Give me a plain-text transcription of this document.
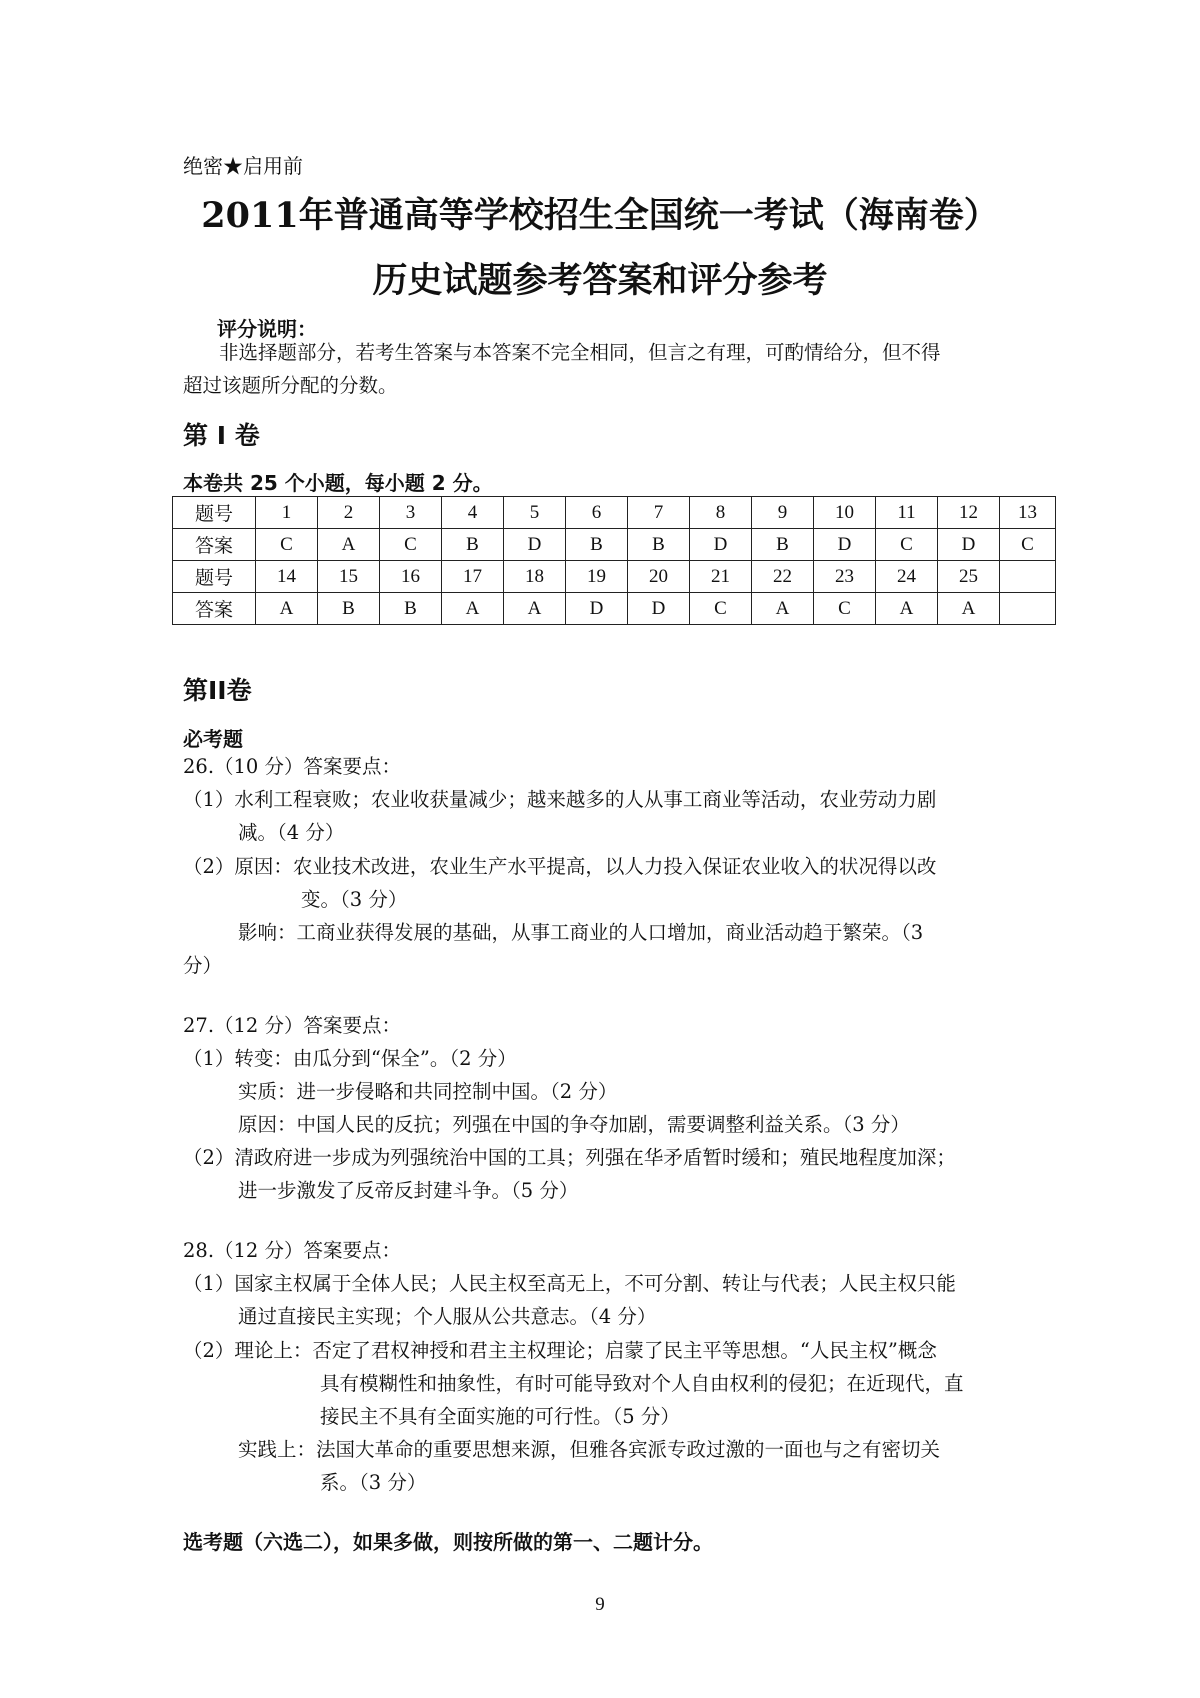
绝密★启用前
2011年普通高等学校招生全国统一考试（海南卷）
历史试题参考答案和评分参考
评分说明：
非选择题部分，若考生答案与本答案不完全相同，但言之有理，可酌情给分，但不得
超过该题所分配的分数。
第 I 卷
本卷共 25 个小题，每小题 2 分。
题号	1	2	3	4	5	6	7	8	9	10	11	12	13
答案	C	A	C	B	D	B	B	D	B	D	C	D	C
题号	14	15	16	17	18	19	20	21	22	23	24	25	
答案	A	B	B	A	A	D	D	C	A	C	A	A	
第II卷
必考题
26.（10 分）答案要点：
（1）水利工程衰败；农业收获量减少；越来越多的人从事工商业等活动，农业劳动力剧
减。（4 分）
（2）原因：农业技术改进，农业生产水平提高，以人力投入保证农业收入的状况得以改
变。（3 分）
影响：工商业获得发展的基础，从事工商业的人口增加，商业活动趋于繁荣。（3
分）
27.（12 分）答案要点：
（1）转变：由瓜分到“保全”。（2 分）
实质：进一步侵略和共同控制中国。（2 分）
原因：中国人民的反抗；列强在中国的争夺加剧，需要调整利益关系。（3 分）
（2）清政府进一步成为列强统治中国的工具；列强在华矛盾暂时缓和；殖民地程度加深；
进一步激发了反帝反封建斗争。（5 分）
28.（12 分）答案要点：
（1）国家主权属于全体人民；人民主权至高无上，不可分割、转让与代表；人民主权只能
通过直接民主实现；个人服从公共意志。（4 分）
（2）理论上：否定了君权神授和君主主权理论；启蒙了民主平等思想。“人民主权”概念
具有模糊性和抽象性，有时可能导致对个人自由权利的侵犯；在近现代，直
接民主不具有全面实施的可行性。（5 分）
实践上：法国大革命的重要思想来源，但雅各宾派专政过激的一面也与之有密切关
系。（3 分）
选考题（六选二），如果多做，则按所做的第一、二题计分。
9
